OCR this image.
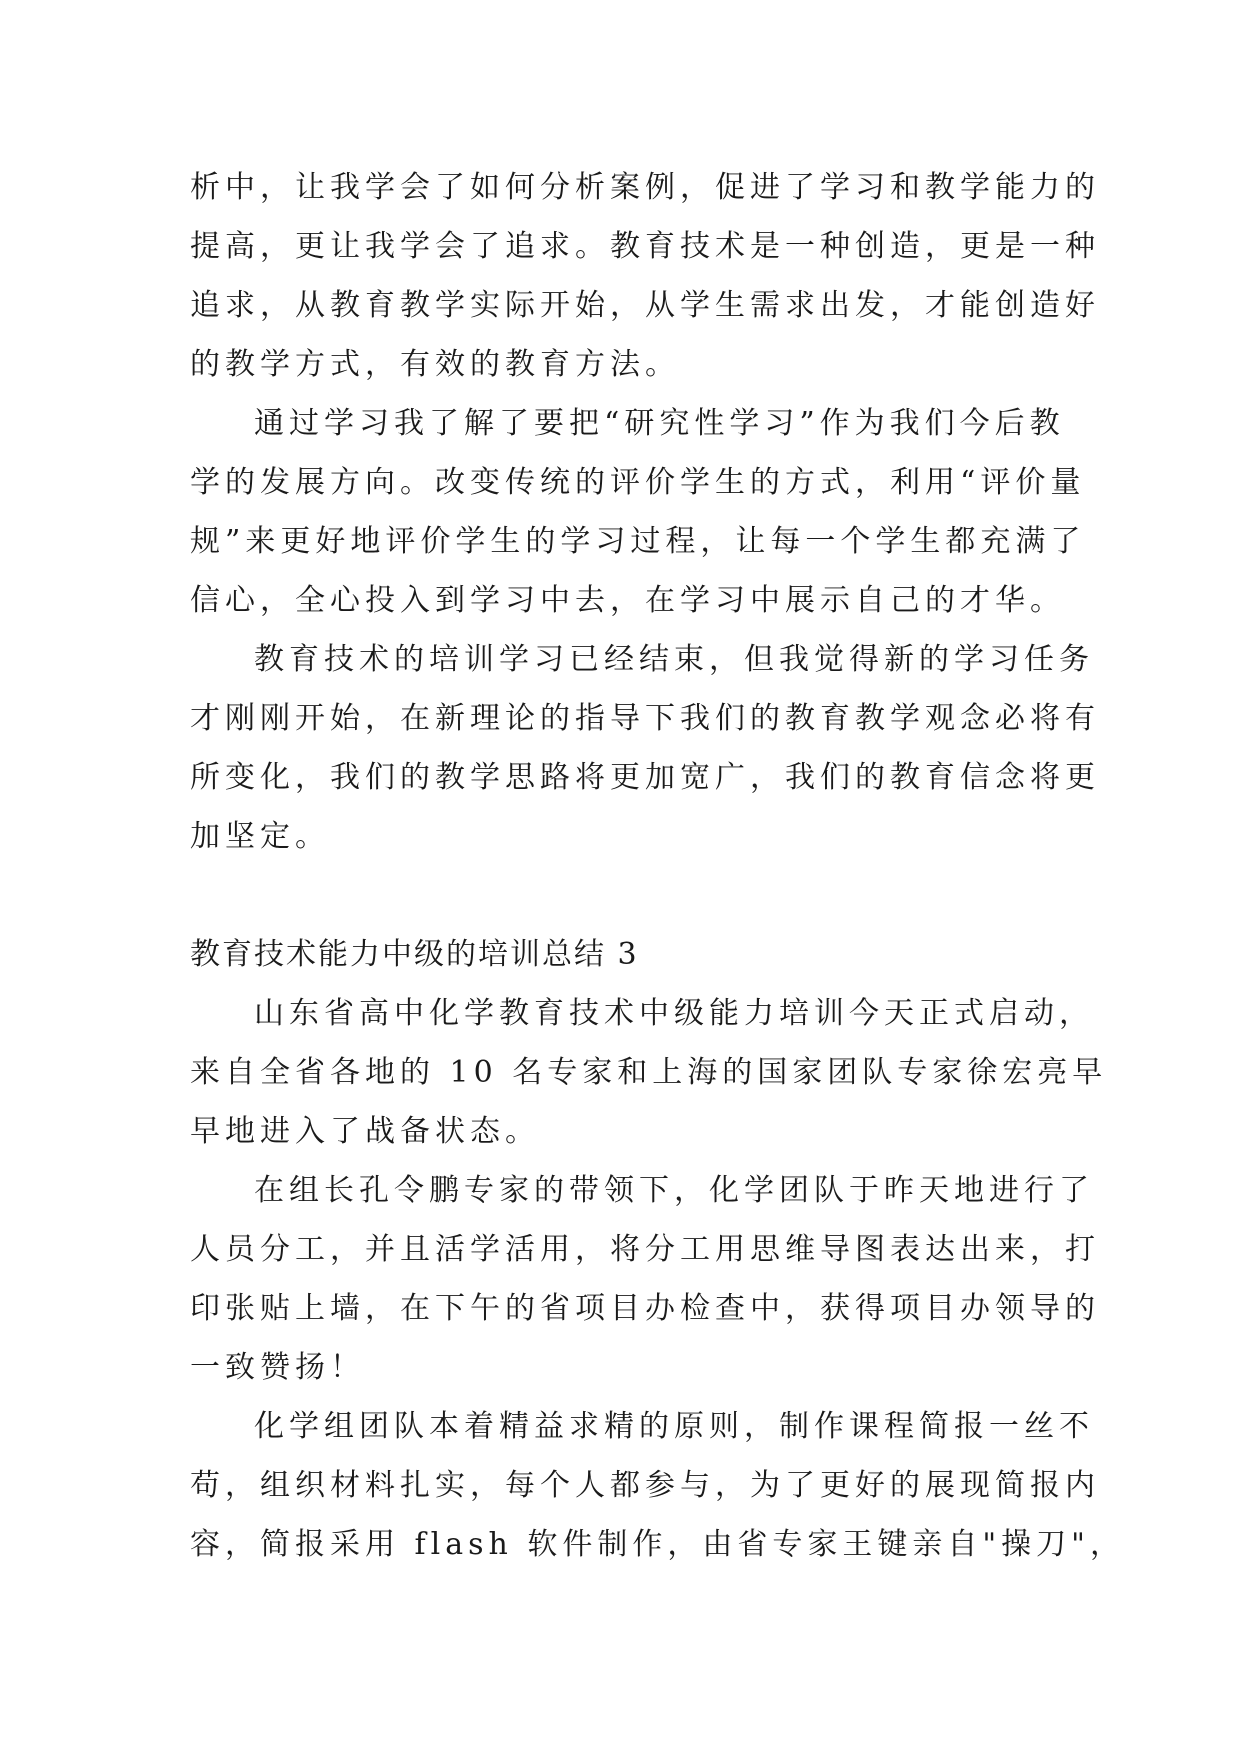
析中，让我学会了如何分析案例，促进了学习和教学能力的
提高，更让我学会了追求。教育技术是一种创造，更是一种
追求，从教育教学实际开始，从学生需求出发，才能创造好
的教学方式，有效的教育方法。

通过学习我了解了要把“研究性学习”作为我们今后教
学的发展方向。改变传统的评价学生的方式，利用“评价量
规”来更好地评价学生的学习过程，让每一个学生都充满了
信心，全心投入到学习中去，在学习中展示自己的才华。

教育技术的培训学习已经结束，但我觉得新的学习任务
才刚刚开始，在新理论的指导下我们的教育教学观念必将有
所变化，我们的教学思路将更加宽广，我们的教育信念将更
加坚定。

教育技术能力中级的培训总结 3

山东省高中化学教育技术中级能力培训今天正式启动，
来自全省各地的 10 名专家和上海的国家团队专家徐宏亮早
早地进入了战备状态。

在组长孔令鹏专家的带领下，化学团队于昨天地进行了
人员分工，并且活学活用，将分工用思维导图表达出来，打
印张贴上墙，在下午的省项目办检查中，获得项目办领导的
一致赞扬！

化学组团队本着精益求精的原则，制作课程简报一丝不
苟，组织材料扎实，每个人都参与，为了更好的展现简报内
容，简报采用 flash 软件制作，由省专家王键亲自"操刀"，
